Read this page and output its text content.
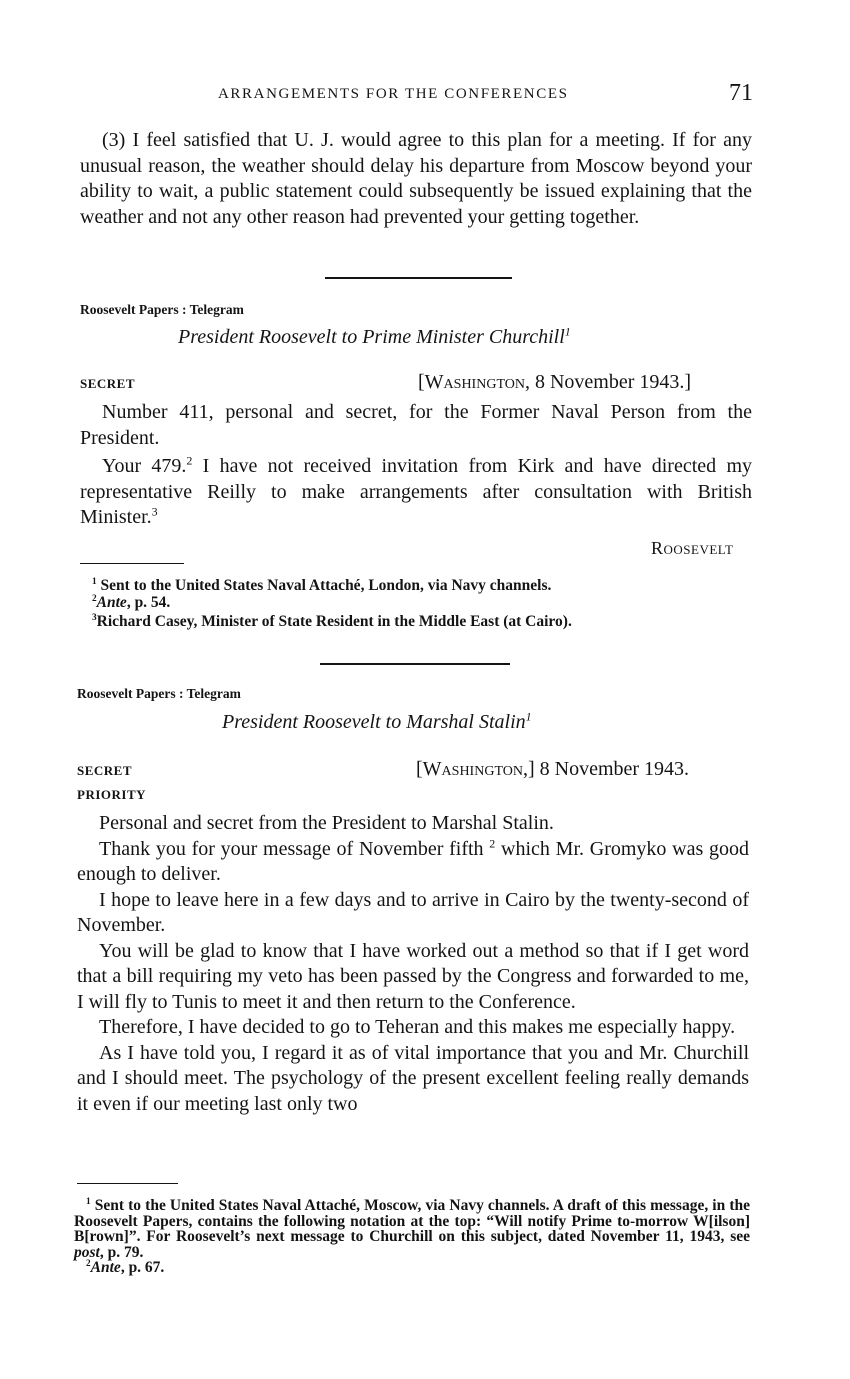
ARRANGEMENTS FOR THE CONFERENCES	71

(3) I feel satisfied that U. J. would agree to this plan for a meeting. If for any unusual reason, the weather should delay his departure from Moscow beyond your ability to wait, a public statement could subsequently be issued explaining that the weather and not any other reason had prevented your getting together.

Roosevelt Papers : Telegram
President Roosevelt to Prime Minister Churchill$^1$
SECRET	[Washington, 8 November 1943.]

Number 411, personal and secret, for the Former Naval Person from the President.

Your 479.$^2$ I have not received invitation from Kirk and have directed my representative Reilly to make arrangements after consultation with British Minister.$^3$

Roosevelt

$^1$ Sent to the United States Naval Attaché, London, via Navy channels.

$^2$Ante, p. 54.

$^3$Richard Casey, Minister of State Resident in the Middle East (at Cairo).

Roosevelt Papers : Telegram
President Roosevelt to Marshal Stalin$^1$
SECRET
PRIORITY
[Washington,] 8 November 1943.

Personal and secret from the President to Marshal Stalin.

Thank you for your message of November fifth $^2$ which Mr. Gromyko was good enough to deliver.

I hope to leave here in a few days and to arrive in Cairo by the twenty-second of November.

You will be glad to know that I have worked out a method so that if I get word that a bill requiring my veto has been passed by the Congress and forwarded to me, I will fly to Tunis to meet it and then return to the Conference.

Therefore, I have decided to go to Teheran and this makes me especially happy.

As I have told you, I regard it as of vital importance that you and Mr. Churchill and I should meet. The psychology of the present excellent feeling really demands it even if our meeting last only two

$^1$ Sent to the United States Naval Attaché, Moscow, via Navy channels. A draft of this message, in the Roosevelt Papers, contains the following notation at the top: “Will notify Prime to-morrow W[ilson] B[rown]”. For Roosevelt’s next message to Churchill on this subject, dated November 11, 1943, see post, p. 79.

$^2$Ante, p. 67.
